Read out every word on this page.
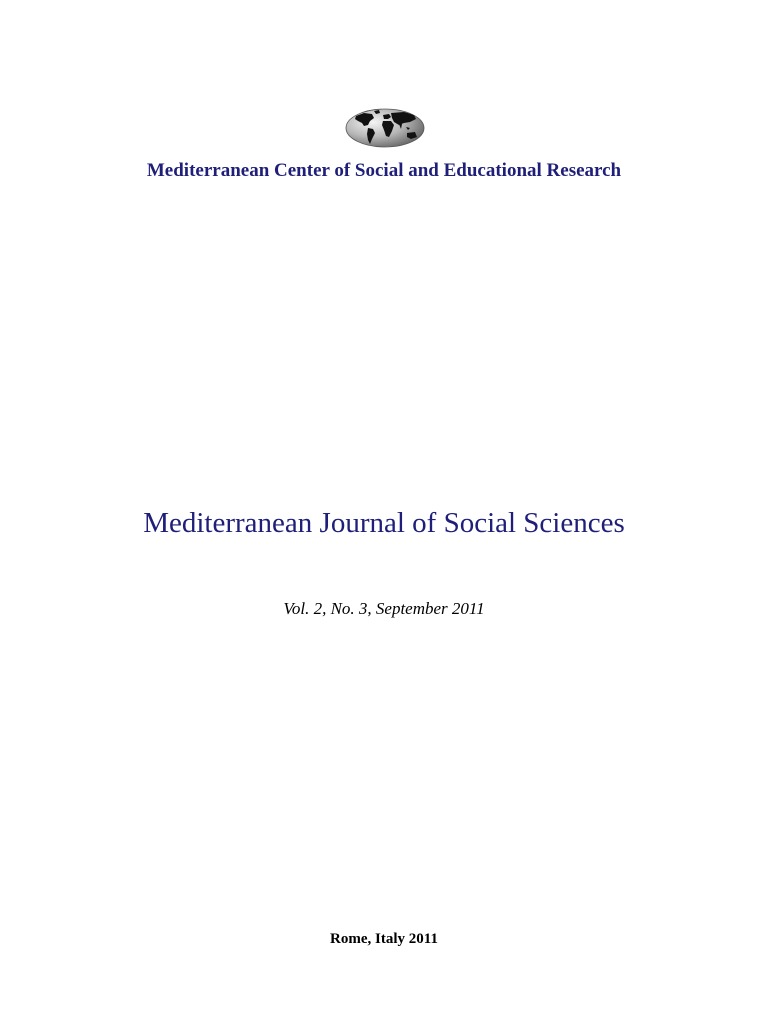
Mediterranean Center of Social and Educational Research
Mediterranean Journal of Social Sciences
Vol. 2, No. 3, September 2011
Rome, Italy 2011
